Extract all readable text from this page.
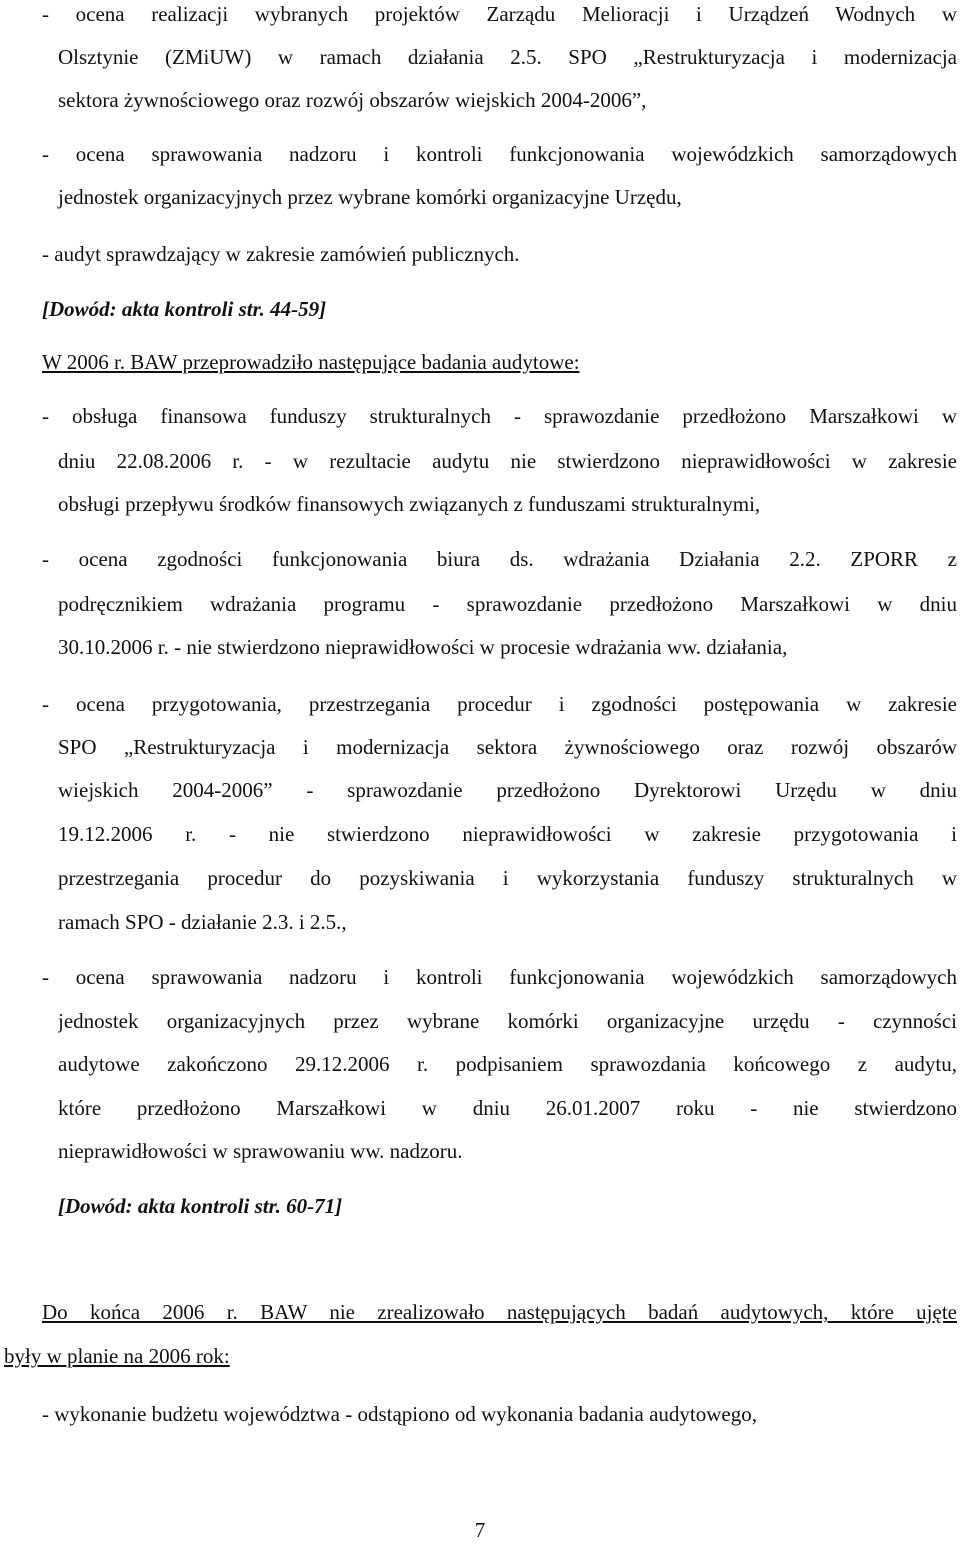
- ocena realizacji wybranych projektów Zarządu Melioracji i Urządzeń Wodnych w
Olsztynie (ZMiUW) w ramach działania 2.5. SPO „Restrukturyzacja i modernizacja
sektora żywnościowego oraz rozwój obszarów wiejskich 2004-2006”,
- ocena sprawowania nadzoru i kontroli funkcjonowania wojewódzkich samorządowych
jednostek organizacyjnych przez wybrane komórki organizacyjne Urzędu,
- audyt sprawdzający w zakresie zamówień publicznych.
[Dowód: akta kontroli str. 44-59]
W 2006 r. BAW przeprowadziło następujące badania audytowe:
- obsługa finansowa funduszy strukturalnych - sprawozdanie przedłożono Marszałkowi w
dniu 22.08.2006 r. - w rezultacie audytu nie stwierdzono nieprawidłowości w zakresie
obsługi przepływu środków finansowych związanych z funduszami strukturalnymi,
- ocena zgodności funkcjonowania biura ds. wdrażania Działania 2.2. ZPORR z
podręcznikiem wdrażania programu - sprawozdanie przedłożono Marszałkowi w dniu
30.10.2006 r. - nie stwierdzono nieprawidłowości w procesie wdrażania ww. działania,
- ocena przygotowania, przestrzegania procedur i zgodności postępowania w zakresie
SPO „Restrukturyzacja i modernizacja sektora żywnościowego oraz rozwój obszarów
wiejskich 2004-2006” - sprawozdanie przedłożono Dyrektorowi Urzędu w dniu
19.12.2006 r. - nie stwierdzono nieprawidłowości w zakresie przygotowania i
przestrzegania procedur do pozyskiwania i wykorzystania funduszy strukturalnych w
ramach SPO - działanie 2.3. i 2.5.,
- ocena sprawowania nadzoru i kontroli funkcjonowania wojewódzkich samorządowych
jednostek organizacyjnych przez wybrane komórki organizacyjne urzędu - czynności
audytowe zakończono 29.12.2006 r. podpisaniem sprawozdania końcowego z audytu,
które przedłożono Marszałkowi w dniu 26.01.2007 roku - nie stwierdzono
nieprawidłowości w sprawowaniu ww. nadzoru.
[Dowód: akta kontroli str. 60-71]
Do końca 2006 r. BAW nie zrealizowało następujących badań audytowych, które ujęte
były w planie na 2006 rok:
- wykonanie budżetu województwa - odstąpiono od wykonania badania audytowego,
7
